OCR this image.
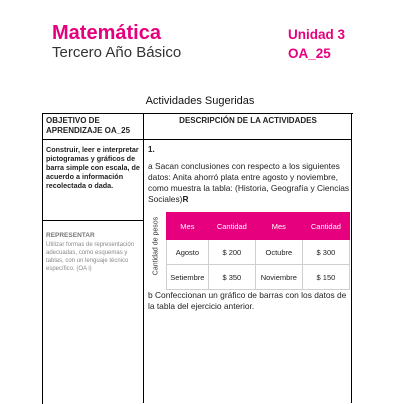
Matemática
Tercero Año Básico
Unidad 3
OA_25
Actividades Sugeridas
OBJETIVO DE APRENDIZAJE OA_25
DESCRIPCIÓN DE LA ACTIVIDADES
Construir, leer e interpretar pictogramas y gráficos de barra simple con escala, de acuerdo a información recolectada o dada.
REPRESENTAR
Utilizar formas de representación adecuadas, como esquemas y tablas, con un lenguaje técnico específico. (OA i)
1.
a Sacan conclusiones con respecto a los siguientes datos: Anita ahorró plata entre agosto y noviembre, como muestra la tabla: (Historia, Geografía y Ciencias Sociales)R
Cantidad de pesos	Mes	Cantidad	Mes	Cantidad
Agosto	$ 200	Octubre	$ 300
Setiembre	$ 350	Noviembre	$ 150
b Confeccionan un gráfico de barras con los datos de la tabla del ejercicio anterior.
